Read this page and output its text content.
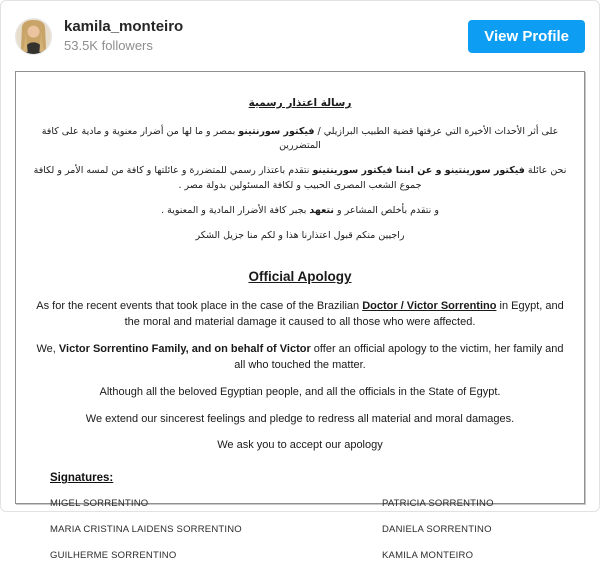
kamila_monteiro
53.5K followers
View Profile
رسالة اعتذار رسمية

على أثر الأحداث الأخيرة التي عرفتها قضية الطبيب البرازيلي / فيكتور سورنتينو بمصر و ما لها من أضرار معنوية و مادية على كافة المتضررين

نحن عائلة فيكتور سورينتينو و عن ابننا فيكتور سورينتينو نتقدم باعتذار رسمي للمتضررة و عائلتها و كافة من لمسه الأمر و لكافة جموع الشعب المصرى الحبيب و لكافة المسئولين بدولة مصر .

و نتقدم بأخلص المشاعر و نتعهد بجبر كافة الأضرار المادية و المعنوية .

راجيين منكم قبول اعتذارنا هذا و لكم منا جزيل الشكر

Official Apology

As for the recent events that took place in the case of the Brazilian Doctor / Victor Sorrentino in Egypt, and the moral and material damage it caused to all those who were affected.

We, Victor Sorrentino Family, and on behalf of Victor offer an official apology to the victim, her family and all who touched the matter.

Although all the beloved Egyptian people, and all the officials in the State of Egypt.

We extend our sincerest feelings and pledge to redress all material and moral damages.

We ask you to accept our apology

Signatures:
MIGEL SORRENTINO	PATRICIA SORRENTINO
MARIA CRISTINA LAIDENS SORRENTINO	DANIELA SORRENTINO
GUILHERME SORRENTINO	KAMILA MONTEIRO
